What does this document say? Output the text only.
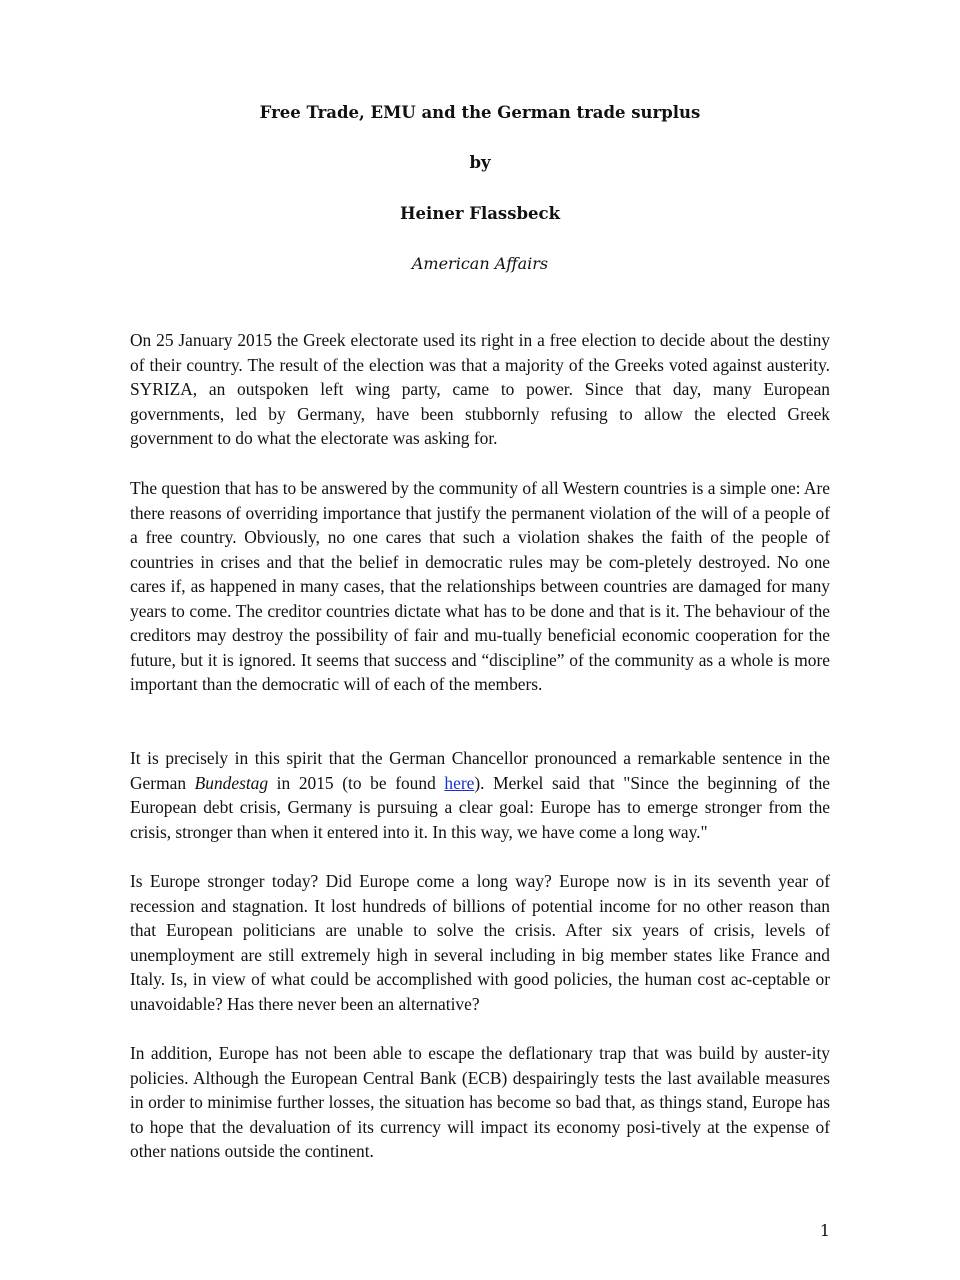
Free Trade, EMU and the German trade surplus
by
Heiner Flassbeck
American Affairs

On 25 January 2015 the Greek electorate used its right in a free election to decide about the destiny of their country. The result of the election was that a majority of the Greeks voted against austerity. SYRIZA, an outspoken left wing party, came to power. Since that day, many European governments, led by Germany, have been stubbornly refusing to allow the elected Greek government to do what the electorate was asking for.

The question that has to be answered by the community of all Western countries is a simple one: Are there reasons of overriding importance that justify the permanent violation of the will of a people of a free country. Obviously, no one cares that such a violation shakes the faith of the people of countries in crises and that the belief in democratic rules may be com-pletely destroyed. No one cares if, as happened in many cases, that the relationships between countries are damaged for many years to come. The creditor countries dictate what has to be done and that is it. The behaviour of the creditors may destroy the possibility of fair and mu-tually beneficial economic cooperation for the future, but it is ignored. It seems that success and “discipline” of the community as a whole is more important than the democratic will of each of the members.

It is precisely in this spirit that the German Chancellor pronounced a remarkable sentence in the German Bundestag in 2015 (to be found here). Merkel said that "Since the beginning of the European debt crisis, Germany is pursuing a clear goal: Europe has to emerge stronger from the crisis, stronger than when it entered into it. In this way, we have come a long way."

Is Europe stronger today? Did Europe come a long way? Europe now is in its seventh year of recession and stagnation. It lost hundreds of billions of potential income for no other reason than that European politicians are unable to solve the crisis. After six years of crisis, levels of unemployment are still extremely high in several including in big member states like France and Italy. Is, in view of what could be accomplished with good policies, the human cost ac-ceptable or unavoidable? Has there never been an alternative?

In addition, Europe has not been able to escape the deflationary trap that was build by auster-ity policies. Although the European Central Bank (ECB) despairingly tests the last available measures in order to minimise further losses, the situation has become so bad that, as things stand, Europe has to hope that the devaluation of its currency will impact its economy posi-tively at the expense of other nations outside the continent.

1
